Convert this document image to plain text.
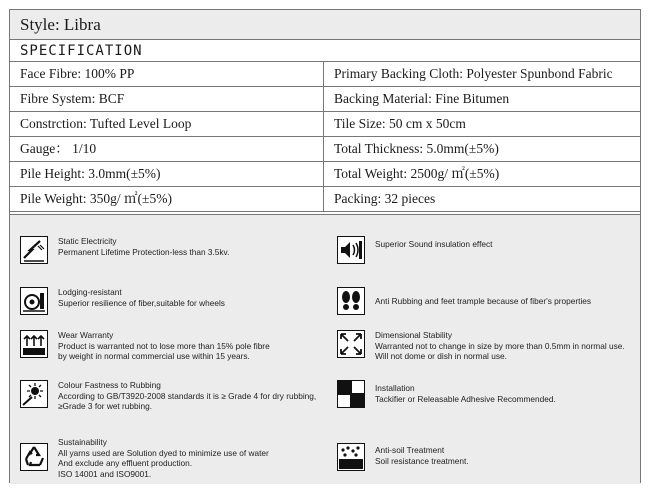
Style: Libra
SPECIFICATION
Face Fibre: 100% PP	Primary Backing Cloth: Polyester Spunbond Fabric
Fibre System: BCF	Backing Material: Fine Bitumen
Constrction: Tufted Level Loop	Tile Size: 50 cm x 50cm
Gauge： 1/10	Total Thickness: 5.0mm(±5%)
Pile Height: 3.0mm(±5%)	Total Weight: 2500g/ ㎡(±5%)
Pile Weight: 350g/ ㎡(±5%)	Packing: 32 pieces
Static Electricity
Permanent Lifetime Protection-less than 3.5kv.
Lodging-resistant
Superior resilience of fiber,suitable for wheels
Wear Warranty
Product is warranted not to lose more than 15% pole fibre
by weight in normal commercial use within 15 years.
Colour Fastness to Rubbing
According to GB/T3920-2008 standards it is ≥ Grade 4 for dry rubbing,
≥Grade 3 for wet rubbing.
Sustainability
All yarns used are Solution dyed to minimize use of water
And exclude any effluent production.
ISO 14001 and ISO9001.
Superior Sound insulation effect
Anti Rubbing and feet trample because of fiber's properties
Dimensional Stability
Warranted not to change in size by more than 0.5mm in normal use.
Will not dome or dish in normal use.
Installation
Tackifier or Releasable Adhesive Recommended.
Anti-soil Treatment
Soil resistance treatment.
